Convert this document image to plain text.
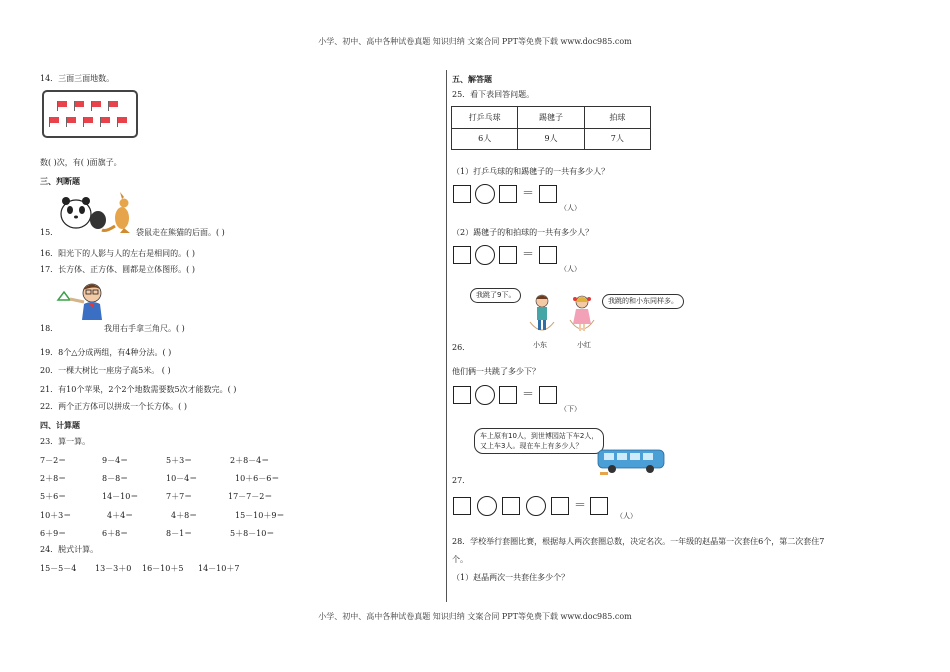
小学、初中、高中各种试卷真题 知识归纳 文案合同 PPT等免费下载 www.doc985.com
14．三面三面地数。
数( )次，有( )面旗子。
三、判断题
15．	袋鼠走在熊猫的后面。( )
16．阳光下的人影与人的左右是相同的。( )
17．长方体、正方体、圆都是立体图形。( )
18．	我用右手拿三角尺。( )
19．8个△分成两组，有4种分法。( )
20．一棵大树比一座房子高5米。 ( )
21．有10个苹果，2个2个地数需要数5次才能数完。( )
22．两个正方体可以拼成一个长方体。( )
四、计算题
23．算一算。
7－2＝	9－4＝	5＋3＝	2＋8－4＝
2＋8＝	8－8＝	10－4＝	10＋6－6＝
5＋6＝	14－10＝	7＋7＝	17－7－2＝
10＋3＝	4＋4＝	4＋8＝	15－10＋9＝
6＋9＝	6＋8＝	8－1＝	5＋8－10＝
24．脱式计算。
15－5－4 13－3＋0 16－10＋5 14－10＋7
五、解答题
25．看下表回答问题。
打乒乓球	踢毽子	拍球
6人	9人	7人
（1）打乒乓球的和踢毽子的一共有多少人？
＝
（人）
（2）踢毽子的和拍球的一共有多少人？
＝
（人）
我跳了9下。
我跳的和小东同样多。
小东	小红
26．
他们俩一共跳了多少下？
＝
（下）
车上原有10人，到世博园站下车2人，
又上车3人。现在车上有多少人？
27．
＝
（人）
28．学校举行套圈比赛，根据每人两次套圈总数，决定名次。一年级的赵晶第一次套住6个，第二次套住7
个。
（1）赵晶两次一共套住多少个？
小学、初中、高中各种试卷真题 知识归纳 文案合同 PPT等免费下载 www.doc985.com
